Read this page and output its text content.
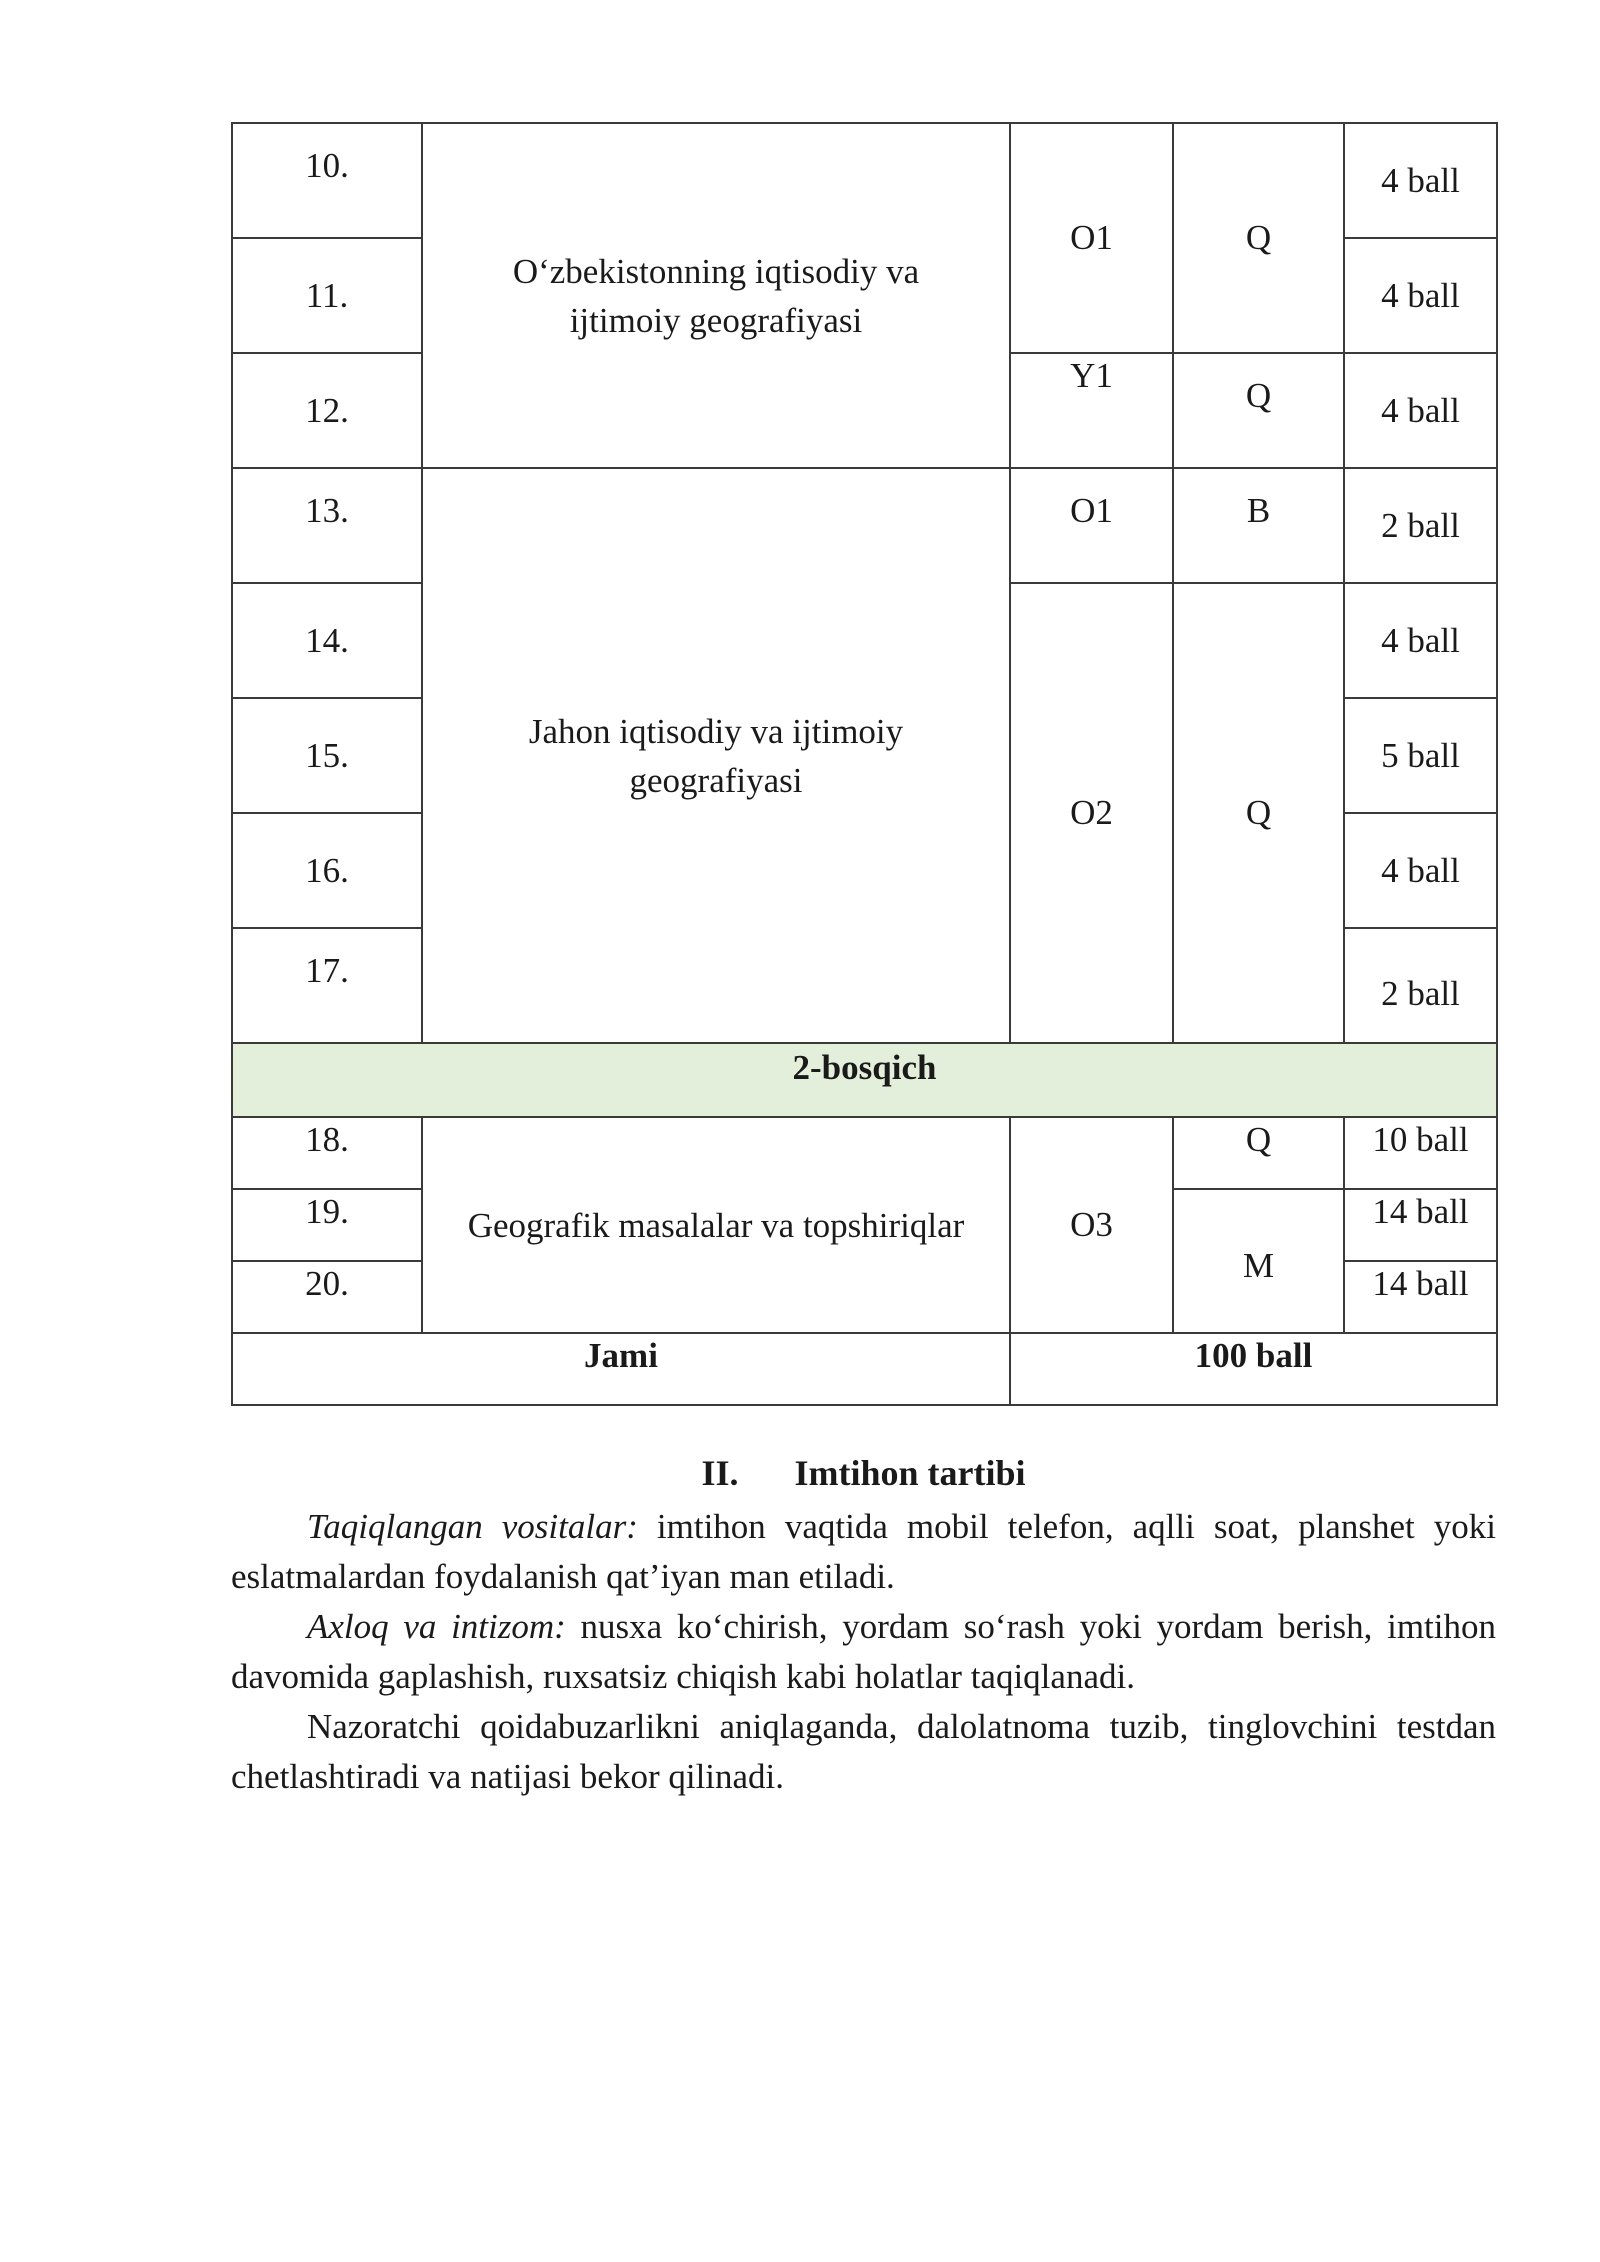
10.	O‘zbekistonning iqtisodiy va ijtimoiy geografiyasi	O1	Q	4 ball
11.				4 ball
12.		Y1	Q	4 ball
13.	Jahon iqtisodiy va ijtimoiy geografiyasi	O1	B	2 ball
14.		O2	Q	4 ball
15.				5 ball
16.				4 ball
17.				2 ball
2-bosqich				
18.	Geografik masalalar va topshiriqlar	O3	Q	10 ball
19.			M	14 ball
20.				14 ball
Jami		100 ball		
II. Imtihon tartibi

Taqiqlangan vositalar: imtihon vaqtida mobil telefon, aqlli soat, planshet yoki eslatmalardan foydalanish qat’iyan man etiladi.

Axloq va intizom: nusxa ko‘chirish, yordam so‘rash yoki yordam berish, imtihon davomida gaplashish, ruxsatsiz chiqish kabi holatlar taqiqlanadi.

Nazoratchi qoidabuzarlikni aniqlaganda, dalolatnoma tuzib, tinglovchini testdan chetlashtiradi va natijasi bekor qilinadi.
